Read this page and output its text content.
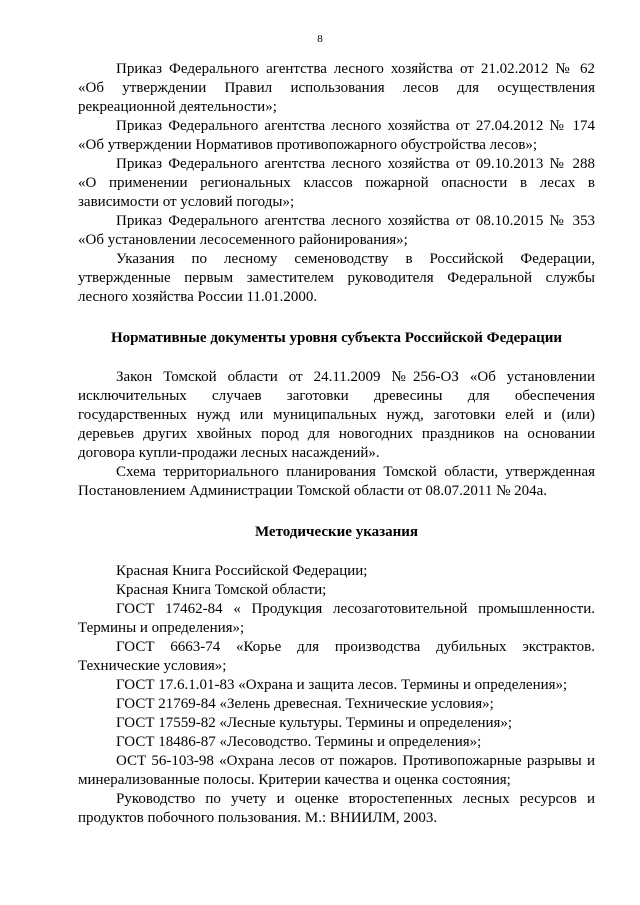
8

Приказ Федерального агентства лесного хозяйства от 21.02.2012 № 62 «Об утверждении Правил использования лесов для осуществления рекреационной деятельности»;

Приказ Федерального агентства лесного хозяйства от 27.04.2012 № 174 «Об утверждении Нормативов противопожарного обустройства лесов»;

Приказ Федерального агентства лесного хозяйства от 09.10.2013 № 288 «О применении региональных классов пожарной опасности в лесах в зависимости от условий погоды»;

Приказ Федерального агентства лесного хозяйства от 08.10.2015 № 353 «Об установлении лесосеменного районирования»;

Указания по лесному семеноводству в Российской Федерации, утвержденные первым заместителем руководителя Федеральной службы лесного хозяйства России 11.01.2000.

Нормативные документы уровня субъекта Российской Федерации

Закон Томской области от 24.11.2009 №256-ОЗ «Об установлении исключительных случаев заготовки древесины для обеспечения государственных нужд или муниципальных нужд, заготовки елей и (или) деревьев других хвойных пород для новогодних праздников на основании договора купли-продажи лесных насаждений».

Схема территориального планирования Томской области, утвержденная Постановлением Администрации Томской области от 08.07.2011 № 204а.

Методические указания

Красная Книга Российской Федерации;

Красная Книга Томской области;

ГОСТ 17462-84 « Продукция лесозаготовительной промышленности. Термины и определения»;

ГОСТ 6663-74 «Корье для производства дубильных экстрактов. Технические условия»;

ГОСТ 17.6.1.01-83 «Охрана и защита лесов. Термины и определения»;

ГОСТ 21769-84 «Зелень древесная. Технические условия»;

ГОСТ 17559-82 «Лесные культуры. Термины и определения»;

ГОСТ 18486-87 «Лесоводство. Термины и определения»;

ОСТ 56-103-98 «Охрана лесов от пожаров. Противопожарные разрывы и минерализованные полосы. Критерии качества и оценка состояния;

Руководство по учету и оценке второстепенных лесных ресурсов и продуктов побочного пользования. М.: ВНИИЛМ, 2003.
